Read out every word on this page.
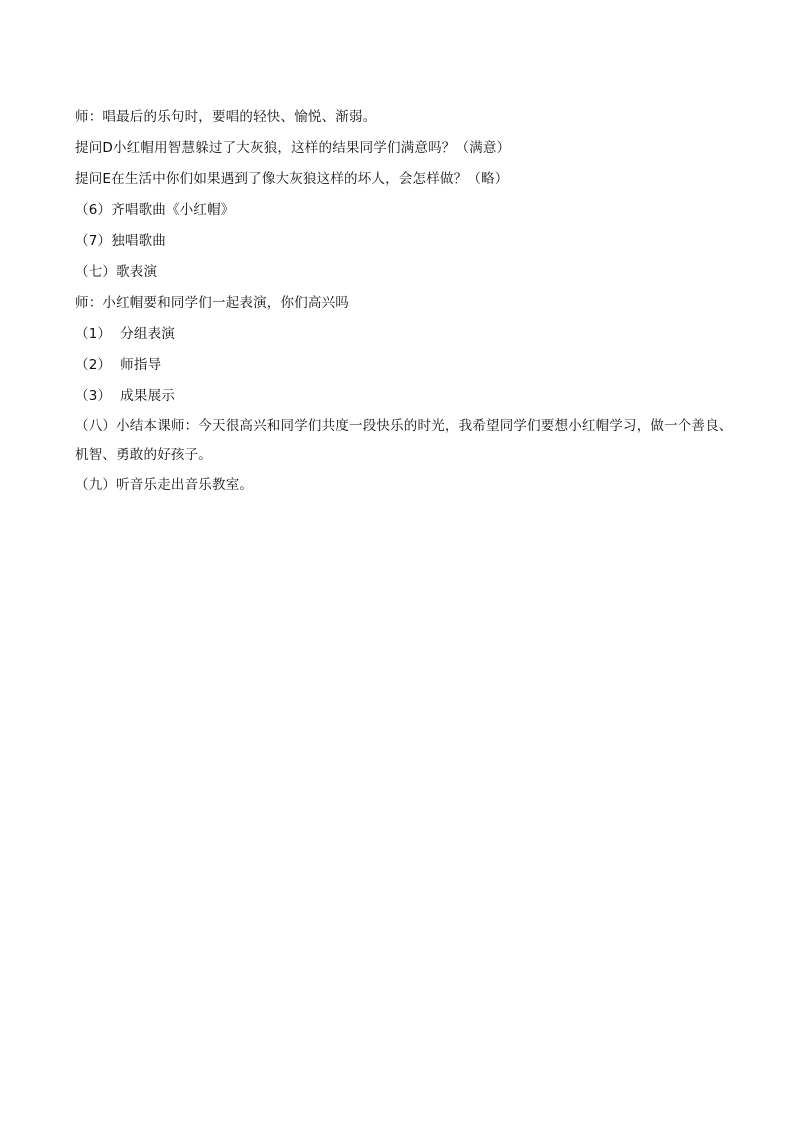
师：唱最后的乐句时，要唱的轻快、愉悦、渐弱。

提问D小红帽用智慧躲过了大灰狼，这样的结果同学们满意吗？（满意）

提问E在生活中你们如果遇到了像大灰狼这样的坏人，会怎样做？（略）

（6）齐唱歌曲《小红帽》

（7）独唱歌曲

（七）歌表演

师：小红帽要和同学们一起表演，你们高兴吗

（1）  分组表演

（2）  师指导

（3）  成果展示

（八）小结本课师：今天很高兴和同学们共度一段快乐的时光，我希望同学们要想小红帽学习，做一个善良、机智、勇敢的好孩子。

（九）听音乐走出音乐教室。
